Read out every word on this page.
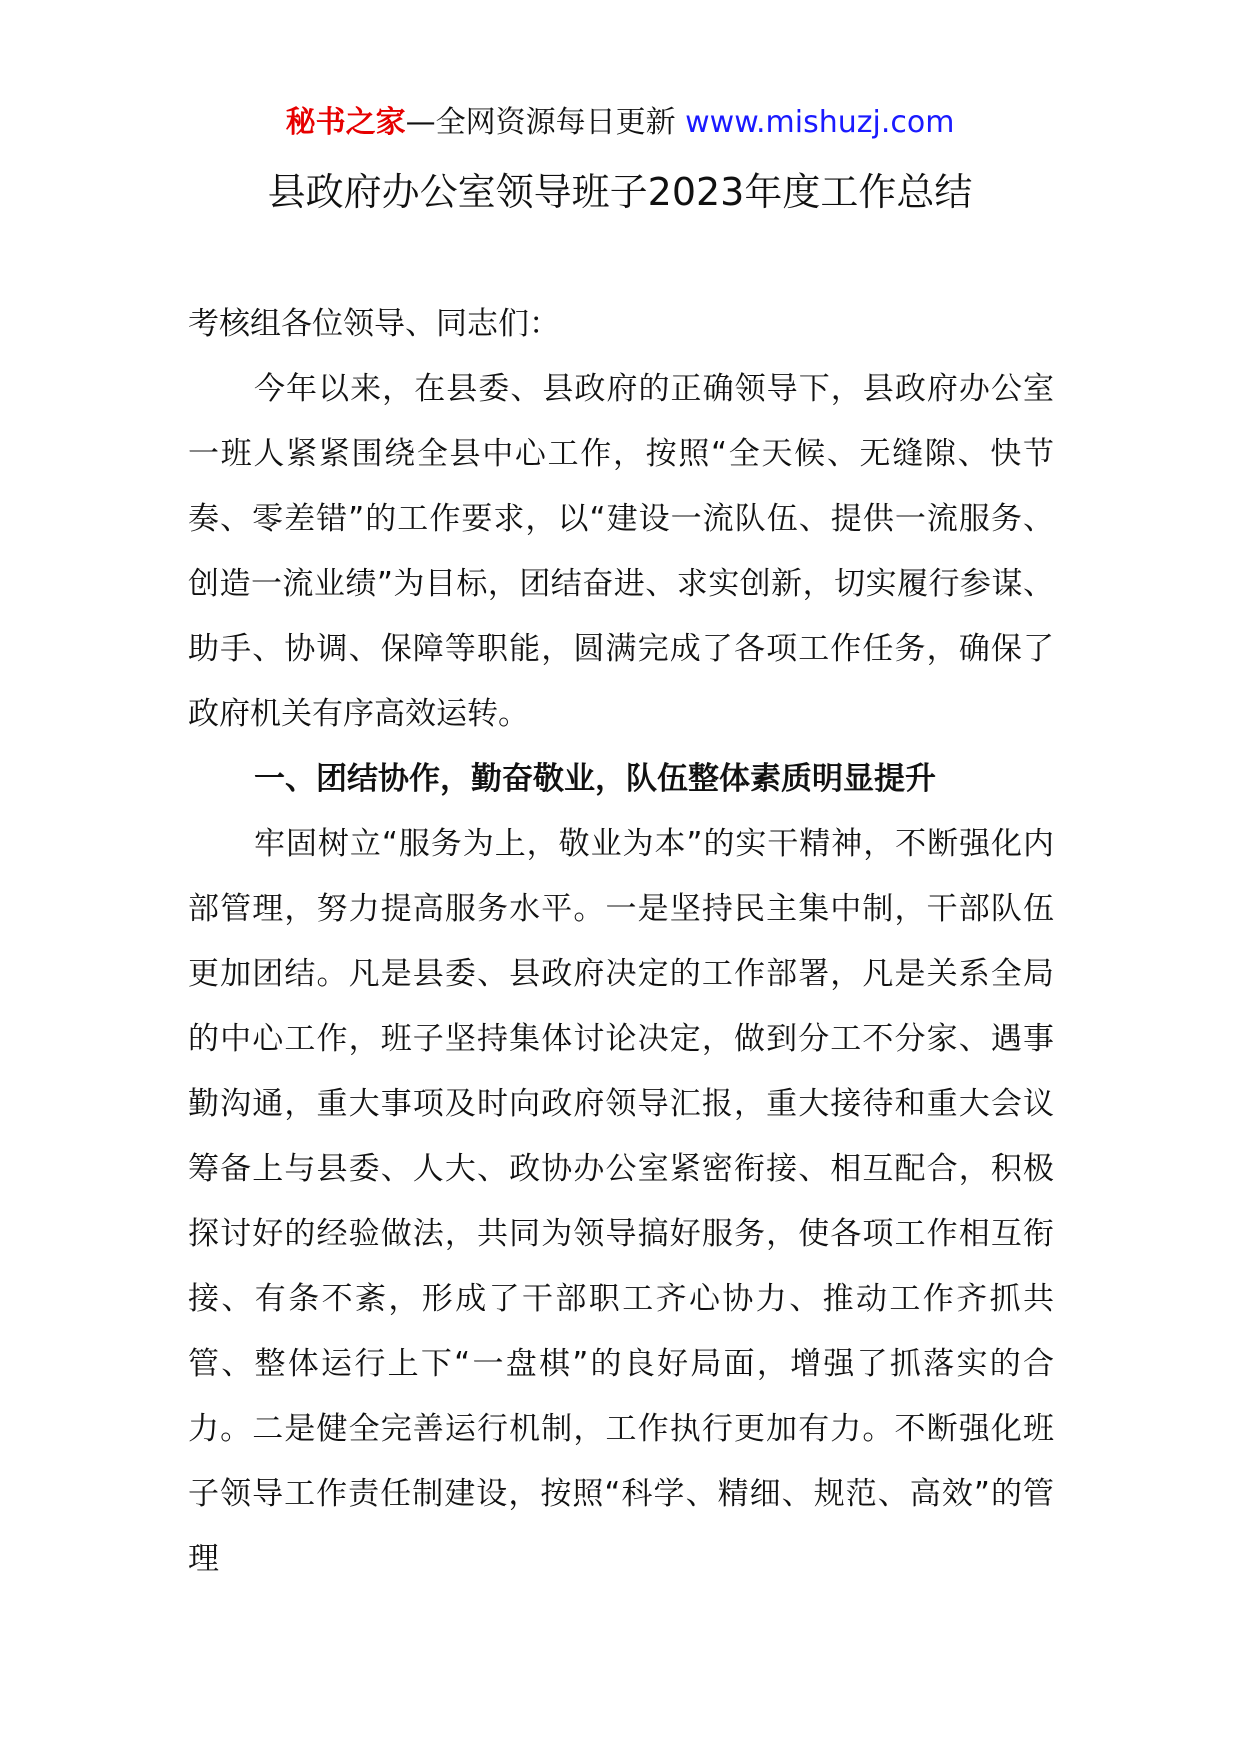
秘书之家—全网资源每日更新 www.mishuzj.com
县政府办公室领导班子2023年度工作总结

考核组各位领导、同志们：

今年以来，在县委、县政府的正确领导下，县政府办公室一班人紧紧围绕全县中心工作，按照“全天候、无缝隙、快节奏、零差错”的工作要求，以“建设一流队伍、提供一流服务、创造一流业绩”为目标，团结奋进、求实创新，切实履行参谋、助手、协调、保障等职能，圆满完成了各项工作任务，确保了政府机关有序高效运转。

一、团结协作，勤奋敬业，队伍整体素质明显提升

牢固树立“服务为上，敬业为本”的实干精神，不断强化内部管理，努力提高服务水平。一是坚持民主集中制，干部队伍更加团结。凡是县委、县政府决定的工作部署，凡是关系全局的中心工作，班子坚持集体讨论决定，做到分工不分家、遇事勤沟通，重大事项及时向政府领导汇报，重大接待和重大会议筹备上与县委、人大、政协办公室紧密衔接、相互配合，积极探讨好的经验做法，共同为领导搞好服务，使各项工作相互衔接、有条不紊，形成了干部职工齐心协力、推动工作齐抓共管、整体运行上下“一盘棋”的良好局面，增强了抓落实的合力。二是健全完善运行机制，工作执行更加有力。不断强化班子领导工作责任制建设，按照“科学、精细、规范、高效”的管理
